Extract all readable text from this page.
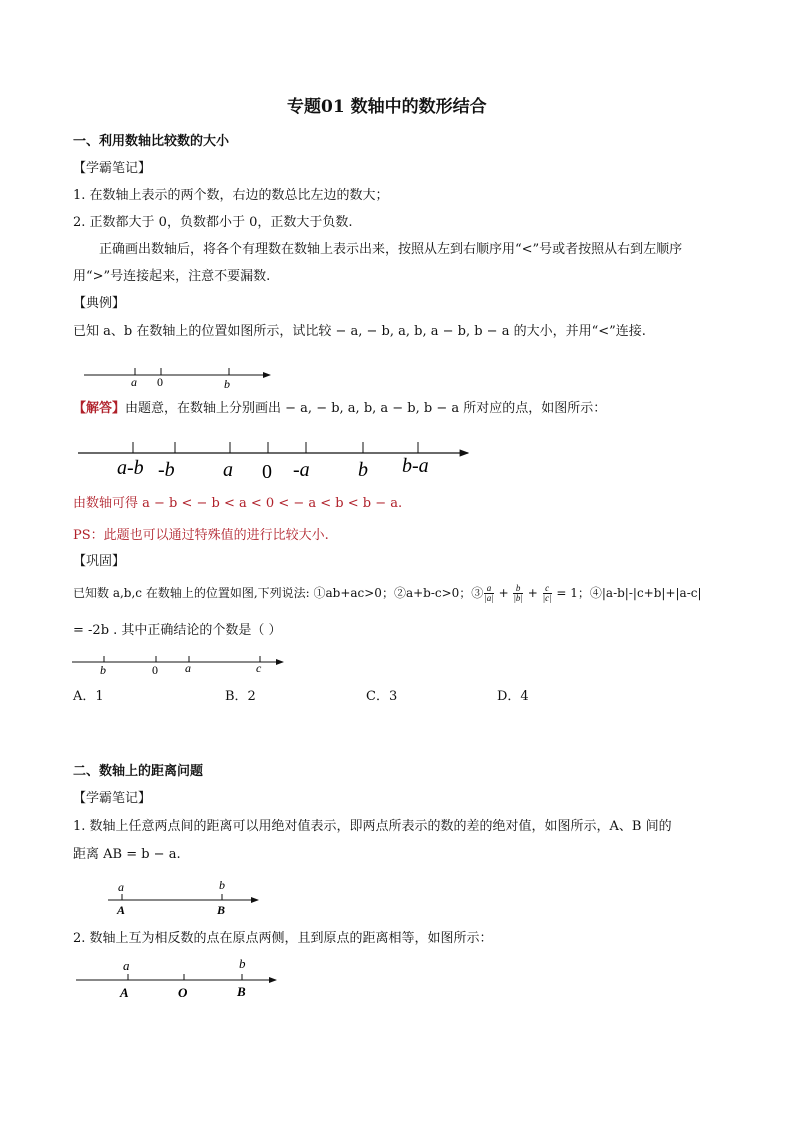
专题01 数轴中的数形结合
一、利用数轴比较数的大小
【学霸笔记】
1. 在数轴上表示的两个数，右边的数总比左边的数大；
2. 正数都大于 0，负数都小于 0，正数大于负数.
正确画出数轴后，将各个有理数在数轴上表示出来，按照从左到右顺序用“<”号或者按照从右到左顺序
用“>”号连接起来，注意不要漏数.
【典例】
已知 a、b 在数轴上的位置如图所示，试比较 − a, − b, a, b, a − b, b − a 的大小，并用“<”连接.
a 0	b
【解答】由题意，在数轴上分别画出 − a, − b, a, b, a − b, b − a 所对应的点，如图所示：
a-b -b a 0 -a b b-a
由数轴可得 a − b < − b < a < 0 < − a < b < b − a.
PS：此题也可以通过特殊值的进行比较大小.
【巩固】
已知数 a,b,c 在数轴上的位置如图,下列说法: ①ab+ac>0；②a+b-c>0；③ $\frac{a}{|a|} + \frac{b}{|b|} + \frac{c}{|c|} = 1$；④|a-b|-|c+b|+|a-c|
= -2b . 其中正确结论的个数是（ ）
b	0 a	c
A．1	B．2	C．3	D．4
二、数轴上的距离问题
【学霸笔记】
1. 数轴上任意两点间的距离可以用绝对值表示，即两点所表示的数的差的绝对值，如图所示，A、B 间的
距离 AB = b − a.
a	b
A	B
2. 数轴上互为相反数的点在原点两侧，且到原点的距离相等，如图所示：
a	b
A	O	B
